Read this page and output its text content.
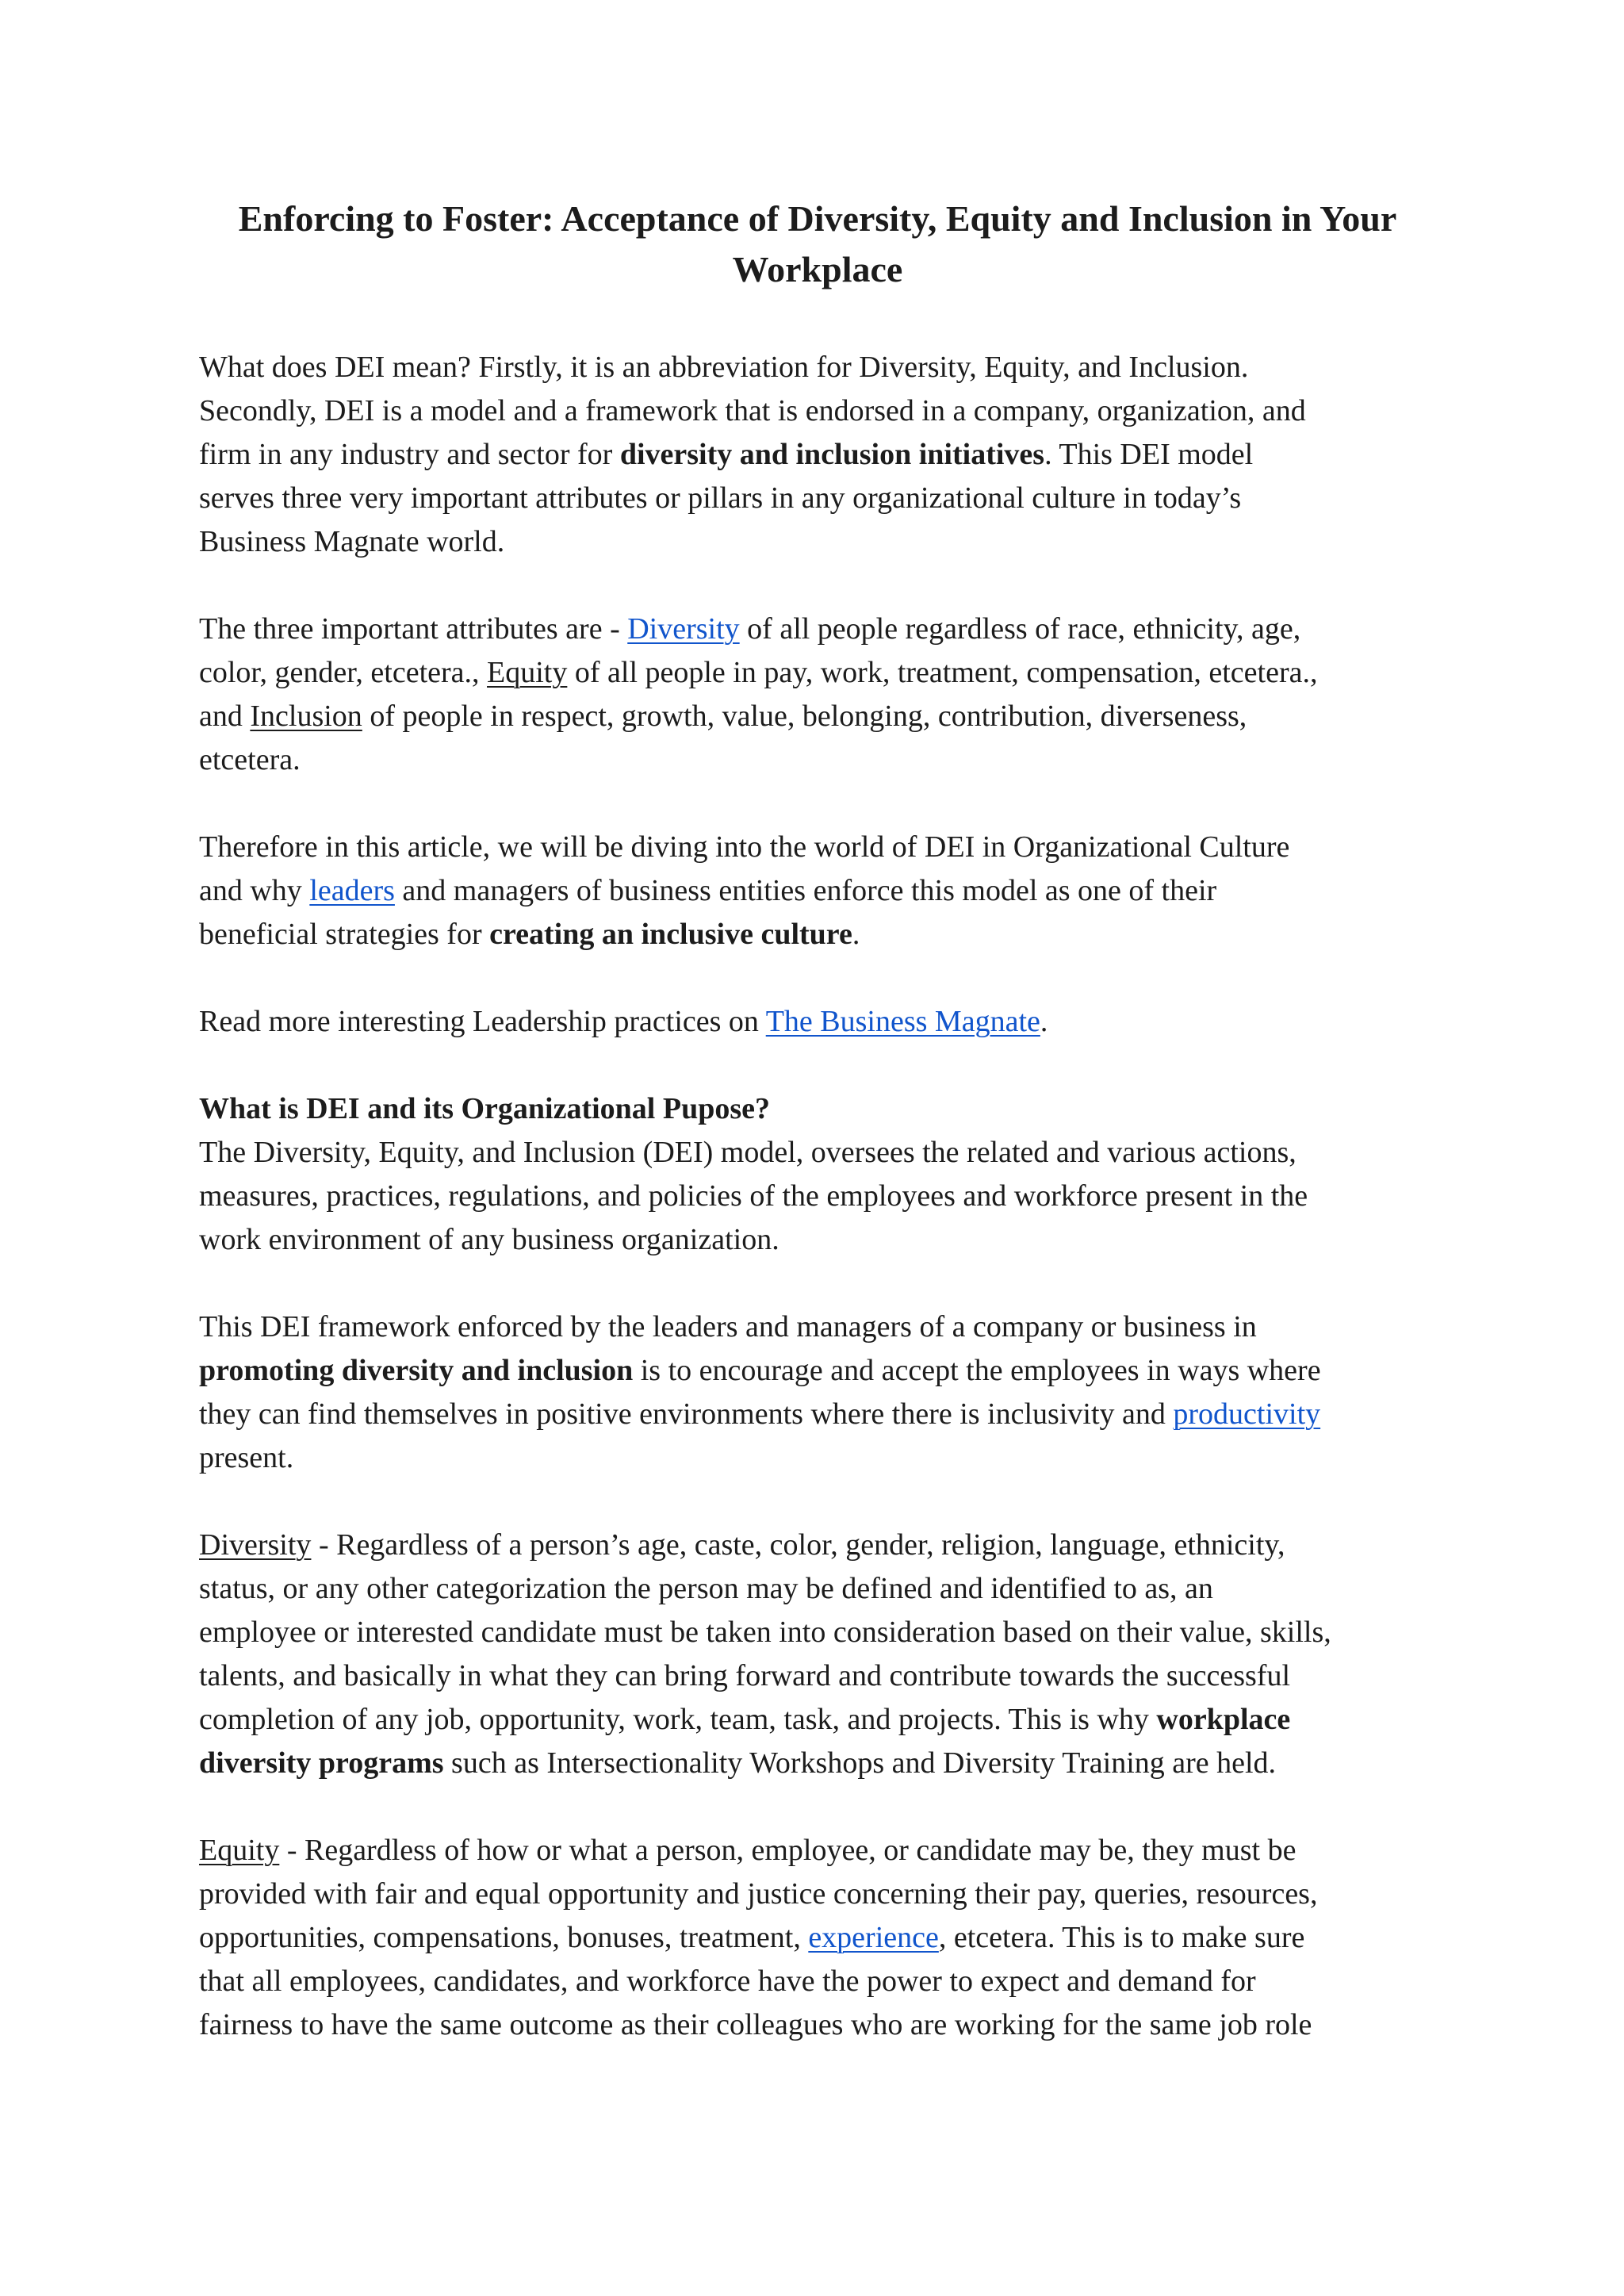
Enforcing to Foster: Acceptance of Diversity, Equity and Inclusion in Your
Workplace

What does DEI mean? Firstly, it is an abbreviation for Diversity, Equity, and Inclusion.
Secondly, DEI is a model and a framework that is endorsed in a company, organization, and
firm in any industry and sector for diversity and inclusion initiatives. This DEI model
serves three very important attributes or pillars in any organizational culture in today’s
Business Magnate world.

The three important attributes are - Diversity of all people regardless of race, ethnicity, age,
color, gender, etcetera., Equity of all people in pay, work, treatment, compensation, etcetera.,
and Inclusion of people in respect, growth, value, belonging, contribution, diverseness,
etcetera.

Therefore in this article, we will be diving into the world of DEI in Organizational Culture
and why leaders and managers of business entities enforce this model as one of their
beneficial strategies for creating an inclusive culture.

Read more interesting Leadership practices on The Business Magnate.

What is DEI and its Organizational Pupose?
The Diversity, Equity, and Inclusion (DEI) model, oversees the related and various actions,
measures, practices, regulations, and policies of the employees and workforce present in the
work environment of any business organization.

This DEI framework enforced by the leaders and managers of a company or business in
promoting diversity and inclusion is to encourage and accept the employees in ways where
they can find themselves in positive environments where there is inclusivity and productivity
present.

Diversity - Regardless of a person’s age, caste, color, gender, religion, language, ethnicity,
status, or any other categorization the person may be defined and identified to as, an
employee or interested candidate must be taken into consideration based on their value, skills,
talents, and basically in what they can bring forward and contribute towards the successful
completion of any job, opportunity, work, team, task, and projects. This is why workplace
diversity programs such as Intersectionality Workshops and Diversity Training are held.

Equity - Regardless of how or what a person, employee, or candidate may be, they must be
provided with fair and equal opportunity and justice concerning their pay, queries, resources,
opportunities, compensations, bonuses, treatment, experience, etcetera. This is to make sure
that all employees, candidates, and workforce have the power to expect and demand for
fairness to have the same outcome as their colleagues who are working for the same job role
